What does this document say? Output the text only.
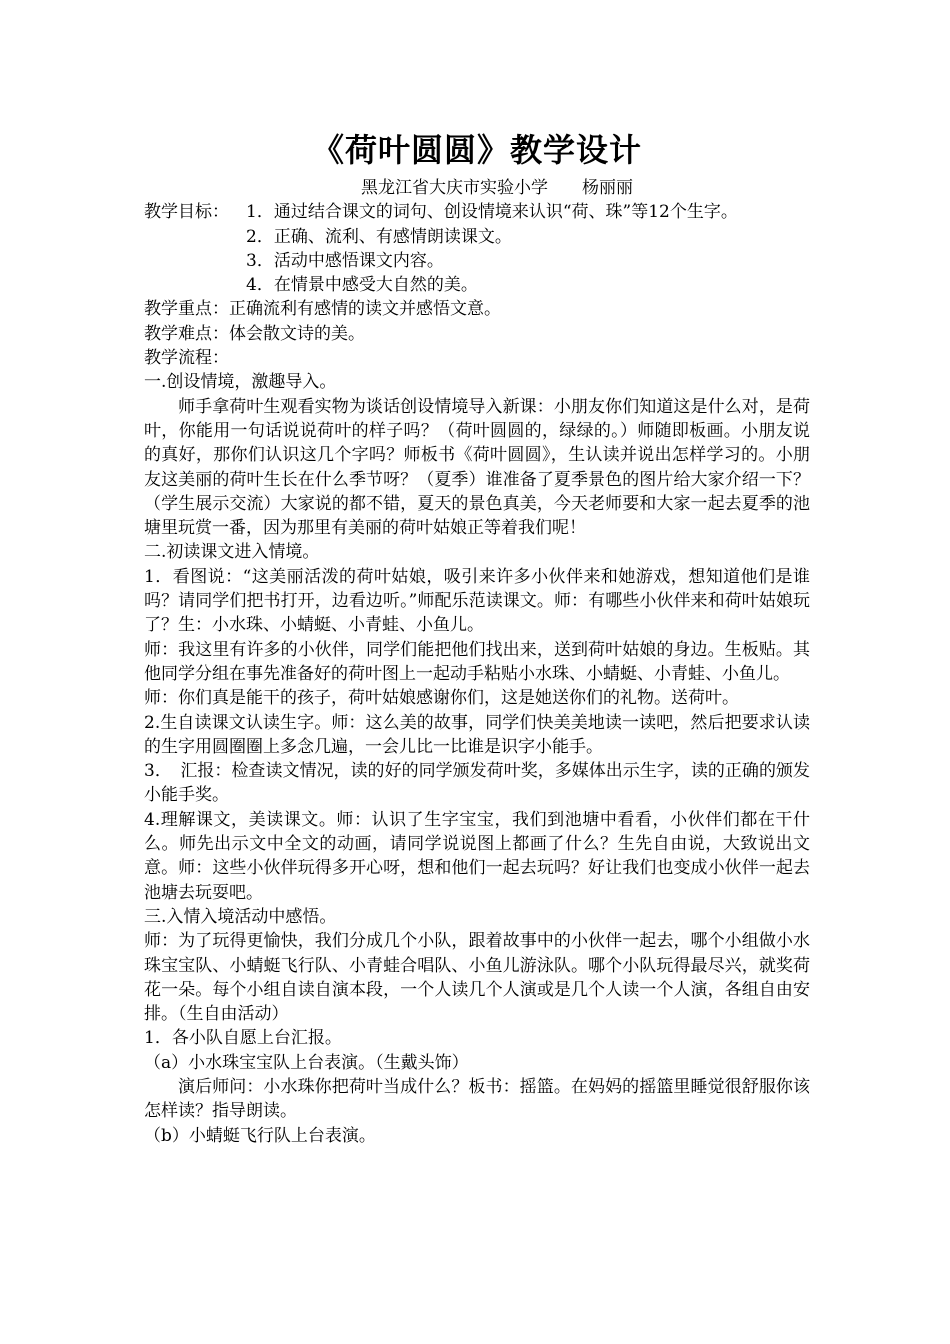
《荷叶圆圆》教学设计

黑龙江省大庆市实验小学　　杨丽丽

教学目标：	1．通过结合课文的词句、创设情境来认识“荷、珠”等12个生字。

2．正确、流利、有感情朗读课文。

3．活动中感悟课文内容。

4．在情景中感受大自然的美。

教学重点：正确流利有感情的读文并感悟文意。

教学难点：体会散文诗的美。

教学流程：

一.创设情境，激趣导入。

师手拿荷叶生观看实物为谈话创设情境导入新课：小朋友你们知道这是什么对，是荷叶，你能用一句话说说荷叶的样子吗？（荷叶圆圆的，绿绿的。）师随即板画。小朋友说的真好，那你们认识这几个字吗？师板书《荷叶圆圆》，生认读并说出怎样学习的。小朋友这美丽的荷叶生长在什么季节呀？（夏季）谁准备了夏季景色的图片给大家介绍一下？（学生展示交流）大家说的都不错，夏天的景色真美，今天老师要和大家一起去夏季的池塘里玩赏一番，因为那里有美丽的荷叶姑娘正等着我们呢！

二.初读课文进入情境。

1．看图说：“这美丽活泼的荷叶姑娘，吸引来许多小伙伴来和她游戏，想知道他们是谁吗？请同学们把书打开，边看边听。”师配乐范读课文。师：有哪些小伙伴来和荷叶姑娘玩了？生：小水珠、小蜻蜓、小青蛙、小鱼儿。

师：我这里有许多的小伙伴，同学们能把他们找出来，送到荷叶姑娘的身边。生板贴。其他同学分组在事先准备好的荷叶图上一起动手粘贴小水珠、小蜻蜓、小青蛙、小鱼儿。

师：你们真是能干的孩子，荷叶姑娘感谢你们，这是她送你们的礼物。送荷叶。

2.生自读课文认读生字。师：这么美的故事，同学们快美美地读一读吧，然后把要求认读的生字用圆圈圈上多念几遍，一会儿比一比谁是识字小能手。

3．　汇报：检查读文情况，读的好的同学颁发荷叶奖，多媒体出示生字，读的正确的颁发小能手奖。

4.理解课文，美读课文。师：认识了生字宝宝，我们到池塘中看看，小伙伴们都在干什么。师先出示文中全文的动画，请同学说说图上都画了什么？生先自由说，大致说出文意。师：这些小伙伴玩得多开心呀，想和他们一起去玩吗？好让我们也变成小伙伴一起去池塘去玩耍吧。

三.入情入境活动中感悟。

师：为了玩得更愉快，我们分成几个小队，跟着故事中的小伙伴一起去，哪个小组做小水珠宝宝队、小蜻蜓飞行队、小青蛙合唱队、小鱼儿游泳队。哪个小队玩得最尽兴，就奖荷花一朵。每个小组自读自演本段，一个人读几个人演或是几个人读一个人演，各组自由安排。（生自由活动）

1．各小队自愿上台汇报。

（a）小水珠宝宝队上台表演。（生戴头饰）

演后师问：小水珠你把荷叶当成什么？板书：摇篮。在妈妈的摇篮里睡觉很舒服你该怎样读？指导朗读。

（b）小蜻蜓飞行队上台表演。
